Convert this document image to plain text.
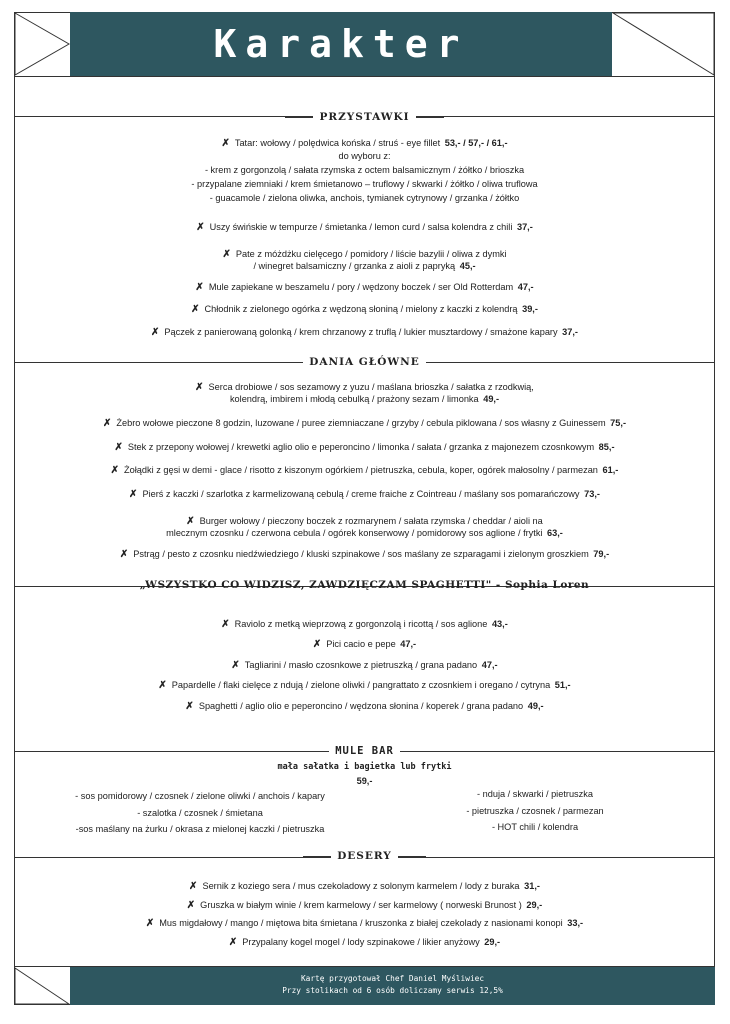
Karakter
PRZYSTAWKI
✗ Tatar: wołowy / polędwica końska / struś - eye fillet 53,- / 57,- / 61,-
do wyboru z:
- krem z gorgonzolą / sałata rzymska z octem balsamicznym / żółtko / brioszka
- przypalane ziemniaki / krem śmietanowo – truflowy / skwarki / żółtko / oliwa truflowa
- guacamole / zielona oliwka, anchois, tymianek cytrynowy / grzanka / żółtko
✗ Uszy świńskie w tempurze / śmietanka / lemon curd / salsa kolendra z chili 37,-
✗ Pate z móżdżku cielęcego / pomidory / liście bazylii / oliwa z dymki
/ winegret balsamiczny / grzanka z aioli z papryką 45,-
✗ Mule zapiekane w beszamelu / pory / wędzony boczek / ser Old Rotterdam 47,-
✗ Chłodnik z zielonego ogórka z wędzoną słoniną / mielony z kaczki z kolendrą 39,-
✗ Pączek z panierowaną golonką / krem chrzanowy z truflą / lukier musztardowy / smażone kapary 37,-
DANIA GŁÓWNE
✗ Serca drobiowe / sos sezamowy z yuzu / maślana brioszka / sałatka z rzodkwią,
kolendrą, imbirem i młodą cebulką / prażony sezam / limonka 49,-
✗ Żebro wołowe pieczone 8 godzin, luzowane / puree ziemniaczane / grzyby / cebula piklowana / sos własny z Guinessem 75,-
✗ Stek z przepony wołowej / krewetki aglio olio e peperoncino / limonka / sałata / grzanka z majonezem czosnkowym 85,-
✗ Żołądki z gęsi w demi - glace / risotto z kiszonym ogórkiem / pietruszka, cebula, koper, ogórek małosolny / parmezan 61,-
✗ Pierś z kaczki / szarlotka z karmelizowaną cebulą / creme fraiche z Cointreau / maślany sos pomarańczowy 73,-
✗ Burger wołowy / pieczony boczek z rozmarynem / sałata rzymska / cheddar / aioli na
mlecznym czosnku / czerwona cebula / ogórek konserwowy / pomidorowy sos aglione / frytki 63,-
✗ Pstrąg / pesto z czosnku niedźwiedziego / kluski szpinakowe / sos maślany ze szparagami i zielonym groszkiem 79,-
„WSZYSTKO CO WIDZISZ, ZAWDZIĘCZAM SPAGHETTI" - Sophia Loren
✗ Raviolo z metką wieprzową z gorgonzolą i ricottą / sos aglione 43,-
✗ Pici cacio e pepe 47,-
✗ Tagliarini / masło czosnkowe z pietruszką / grana padano 47,-
✗ Papardelle / flaki cielęce z ndują / zielone oliwki / pangrattato z czosnkiem i oregano / cytryna 51,-
✗ Spaghetti / aglio olio e peperoncino / wędzona słonina / koperek / grana padano 49,-
MULE BAR
mała sałatka i bagietka lub frytki
59,-
- sos pomidorowy / czosnek / zielone oliwki / anchois / kapary
- szalotka / czosnek / śmietana
-sos maślany na żurku / okrasa z mielonej kaczki / pietruszka
- nduja / skwarki / pietruszka
- pietruszka / czosnek / parmezan
- HOT chili / kolendra
DESERY
✗ Sernik z koziego sera / mus czekoladowy z solonym karmelem / lody z buraka 31,-
✗ Gruszka w białym winie / krem karmelowy / ser karmelowy ( norweski Brunost ) 29,-
✗ Mus migdałowy / mango / miętowa bita śmietana / kruszonka z białej czekolady z nasionami konopi 33,-
✗ Przypalany kogel mogel / lody szpinakowe / likier anyżowy 29,-
Kartę przygotował Chef Daniel Myśliwiec
Przy stolikach od 6 osób doliczamy serwis 12,5%
